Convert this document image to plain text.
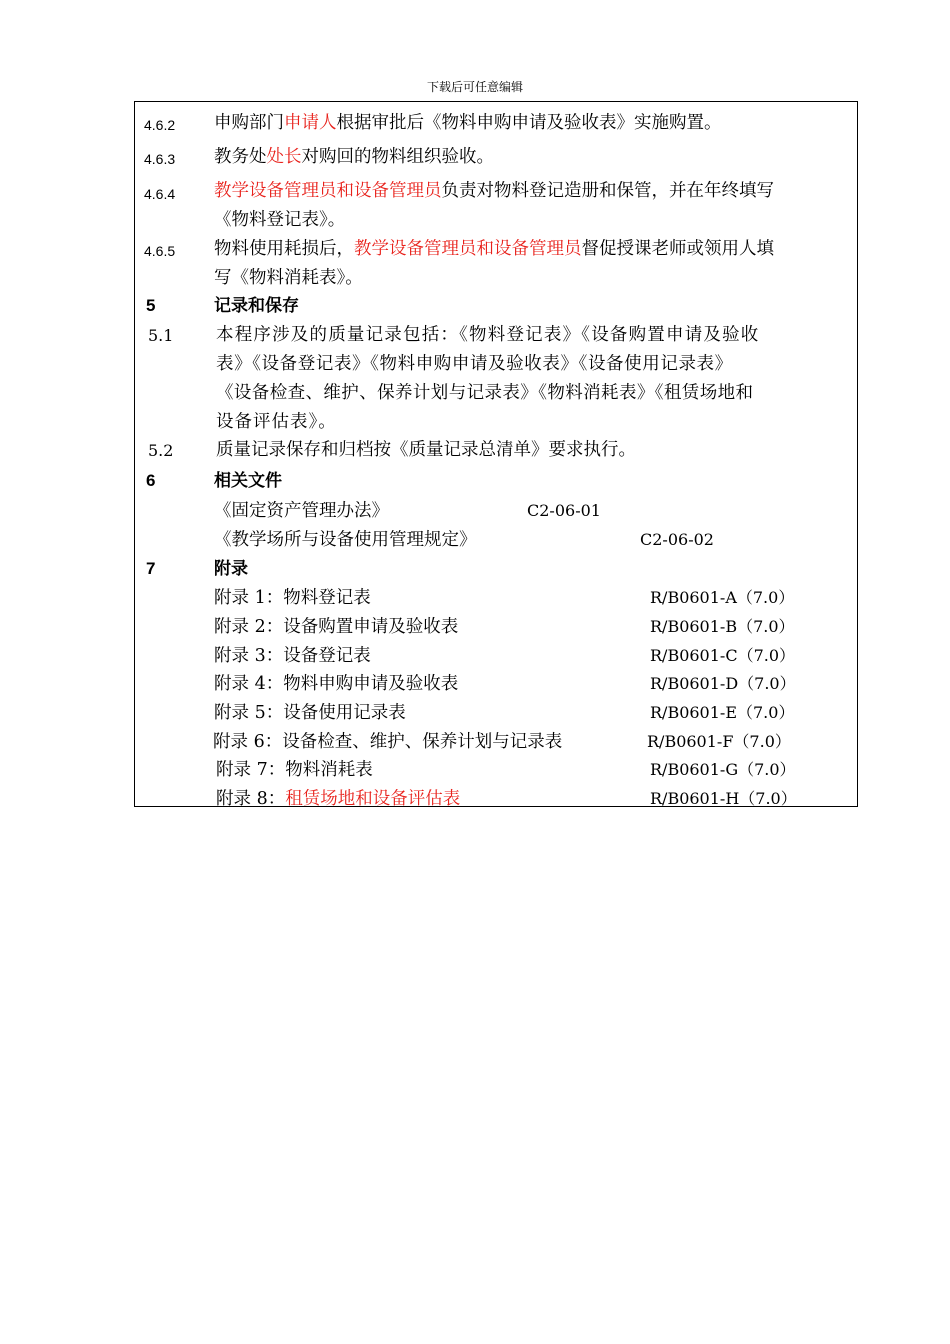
下载后可任意编辑
4.6.2 申购部门申请人根据审批后《物料申购申请及验收表》实施购置。
4.6.3 教务处处长对购回的物料组织验收。
4.6.4 教学设备管理员和设备管理员负责对物料登记造册和保管，并在年终填写
《物料登记表》。
4.6.5 物料使用耗损后，教学设备管理员和设备管理员督促授课老师或领用人填
写《物料消耗表》。
5	记录和保存
5.1 本程序涉及的质量记录包括：《物料登记表》《设备购置申请及验收
表》《设备登记表》《物料申购申请及验收表》《设备使用记录表》
《设备检查、维护、保养计划与记录表》《物料消耗表》《租赁场地和
设备评估表》。
5.2 质量记录保存和归档按《质量记录总清单》要求执行。
6	相关文件
《固定资产管理办法》	C2-06-01
《教学场所与设备使用管理规定》	C2-06-02
7	附录
附录 1：物料登记表	R/B0601-A（7.0）
附录 2：设备购置申请及验收表	R/B0601-B（7.0）
附录 3：设备登记表	R/B0601-C（7.0）
附录 4：物料申购申请及验收表	R/B0601-D（7.0）
附录 5：设备使用记录表	R/B0601-E（7.0）
附录 6：设备检查、维护、保养计划与记录表	R/B0601-F（7.0）
附录 7：物料消耗表	R/B0601-G（7.0）
附录 8：租赁场地和设备评估表	R/B0601-H（7.0）
